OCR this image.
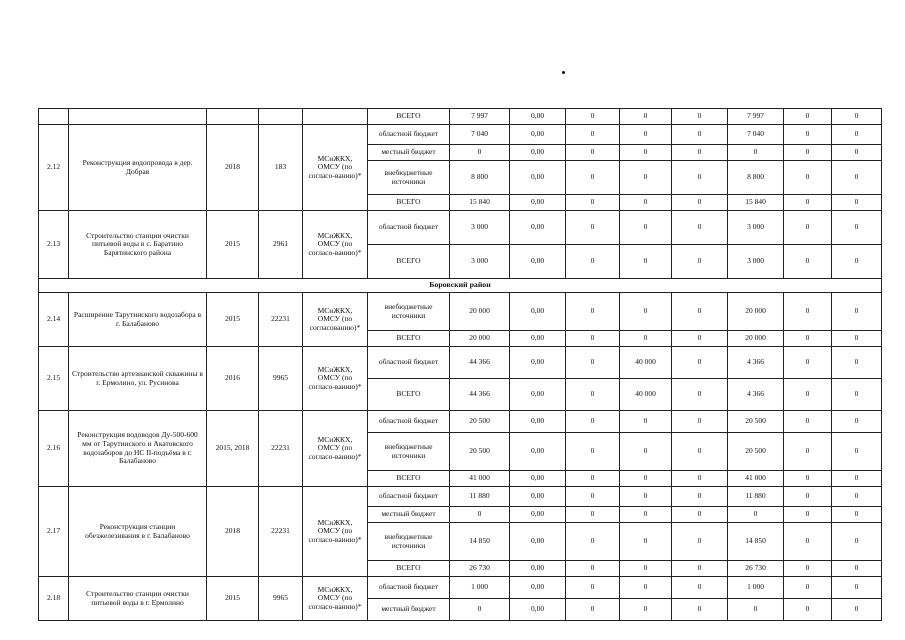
					ВСЕГО	7 997	0,00	0	0	0	7 997	0	0
2.12	Реконструкция водопровода в дер. Добрая	2018	183	МСиЖКХ, ОМСУ (по согласо-ванию)*	областной бюджет	7 040	0,00	0	0	0	7 040	0	0
					местный бюджет	0	0,00	0	0	0	0	0	0
					внебюджетные источники	8 800	0,00	0	0	0	8 800	0	0
					ВСЕГО	15 840	0,00	0	0	0	15 840	0	0
2.13	Строительство станции очистки питьевой воды в с. Баратино Барятинского района	2015	2961	МСиЖКХ, ОМСУ (по согласо-ванию)*	областной бюджет	3 000	0,00	0	0	0	3 000	0	0
					ВСЕГО	3 000	0,00	0	0	0	3 000	0	0
Боровский район													
2.14	Расширение Тарутинского водозабора в г. Балабаново	2015	22231	МСиЖКХ, ОМСУ (по согласованию)*	внебюджетные источники	20 000	0,00	0	0	0	20 000	0	0
					ВСЕГО	20 000	0,00	0	0	0	20 000	0	0
2.15	Строительство артезианской скважины в г. Ермолино, ул. Русинова	2016	9965	МСиЖКХ, ОМСУ (по согласо-ванию)*	областной бюджет	44 366	0,00	0	40 000	0	4 366	0	0
					ВСЕГО	44 366	0,00	0	40 000	0	4 366	0	0
2.16	Реконструкция водоводов Ду-500-600 мм от Тарутинского и Акатовского водозаборов до НС II-подъёма в г. Балабаново	2015, 2018	22231	МСиЖКХ, ОМСУ (по согласо-ванию)*	областной бюджет	20 500	0,00	0	0	0	20 500	0	0
					внебюджетные источники	20 500	0,00	0	0	0	20 500	0	0
					ВСЕГО	41 000	0,00	0	0	0	41 000	0	0
2.17	Реконструкция станции обезжелезивания в г. Балабаново	2018	22231	МСиЖКХ, ОМСУ (по согласо-ванию)*	областной бюджет	11 880	0,00	0	0	0	11 880	0	0
					местный бюджет	0	0,00	0	0	0	0	0	0
					внебюджетные источники	14 850	0,00	0	0	0	14 850	0	0
					ВСЕГО	26 730	0,00	0	0	0	26 730	0	0
2.18	Строительство станции очистки питьевой воды в г. Ермолино	2015	9965	МСиЖКХ, ОМСУ (по согласо-ванию)*	областной бюджет	1 000	0,00	0	0	0	1 000	0	0
					местный бюджет	0	0,00	0	0	0	0	0	0
